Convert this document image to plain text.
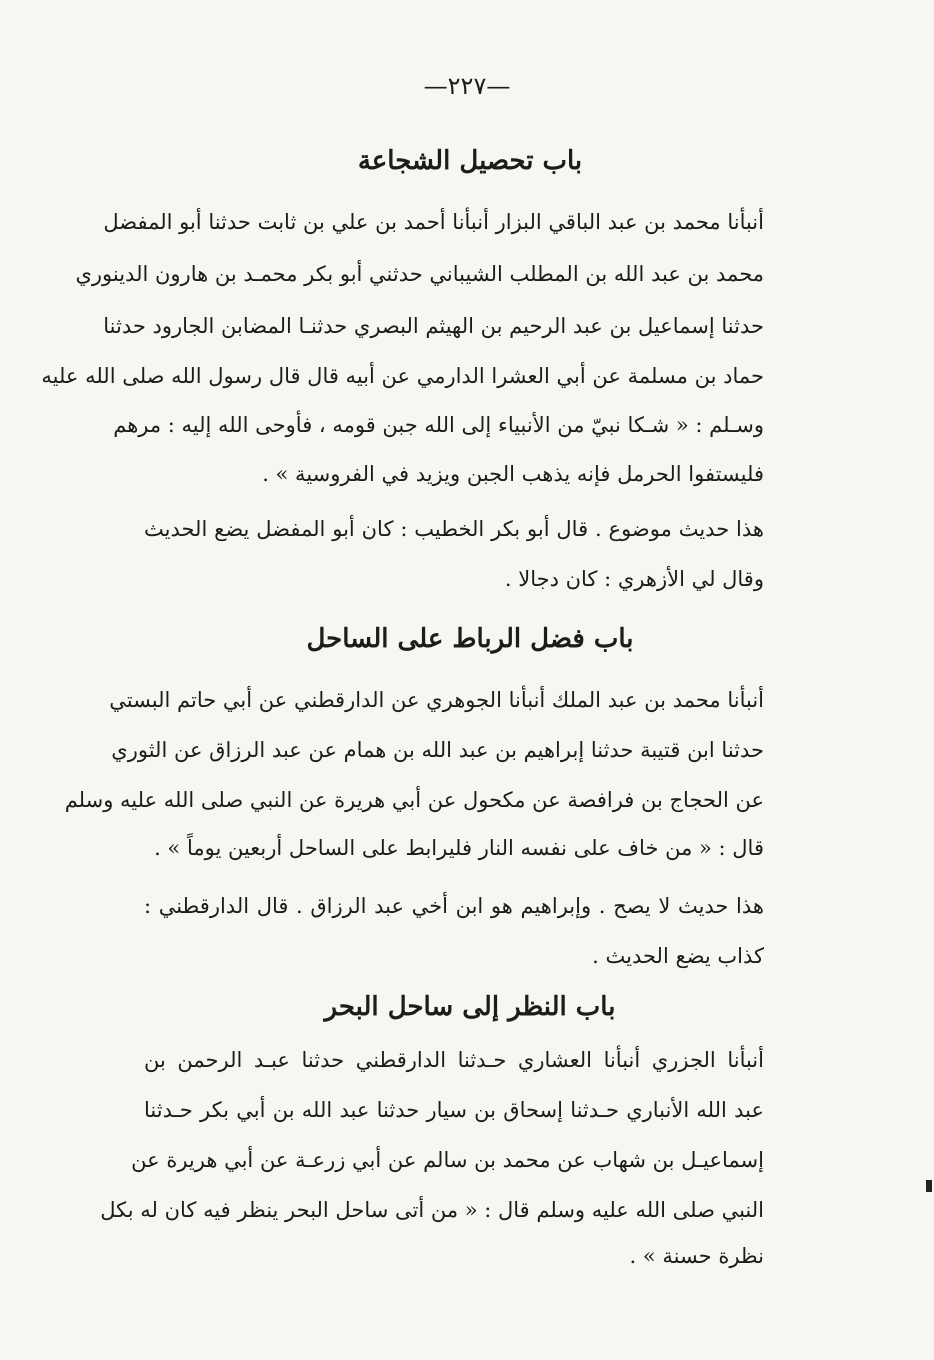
—٢٢٧—
باب تحصيل الشجاعة
أنبأنا محمد بن عبد الباقي البزار أنبأنا أحمد بن علي بن ثابت حدثنا أبو المفضل
محمد بن عبد الله بن المطلب الشيباني حدثني أبو بكر محمـد بن هارون الدينوري
حدثنا إسماعيل بن عبد الرحيم بن الهيثم البصري حدثنـا المضابن الجارود حدثنا
حماد بن مسلمة عن أبي العشرا الدارمي عن أبيه قال قال رسول الله صلى الله عليه
وسـلم : « شـكا نبيّ من الأنبياء إلى الله جبن قومه ، فأوحى الله إليه : مرهم
فليستفوا الحرمل فإنه يذهب الجبن ويزيد في الفروسية » .
هذا حديث موضوع . قال أبو بكر الخطيب : كان أبو المفضل يضع الحديث
وقال لي الأزهري : كان دجالا .
باب فضل الرباط على الساحل
أنبأنا محمد بن عبد الملك أنبأنا الجوهري عن الدارقطني عن أبي حاتم البستي
حدثنا ابن قتيبة حدثنا إبراهيم بن عبد الله بن همام عن عبد الرزاق عن الثوري
عن الحجاج بن فرافصة عن مكحول عن أبي هريرة عن النبي صلى الله عليه وسلم
قال : « من خاف على نفسه النار فليرابط على الساحل أربعين يوماً » .
هذا حديث لا يصح . وإبراهيم هو ابن أخي عبد الرزاق . قال الدارقطني :
كذاب يضع الحديث .
باب النظر إلى ساحل البحر
أنبأنا الجزري أنبأنا العشاري حـدثنا الدارقطني حدثنا عبـد الرحمن بن
عبد الله الأنباري حـدثنا إسحاق بن سيار حدثنا عبد الله بن أبي بكر حـدثنا
إسماعيـل بن شهاب عن محمد بن سالم عن أبي زرعـة عن أبي هريرة عن
النبي صلى الله عليه وسلم قال : « من أتى ساحل البحر ينظر فيه كان له بكل
نظرة حسنة » .
